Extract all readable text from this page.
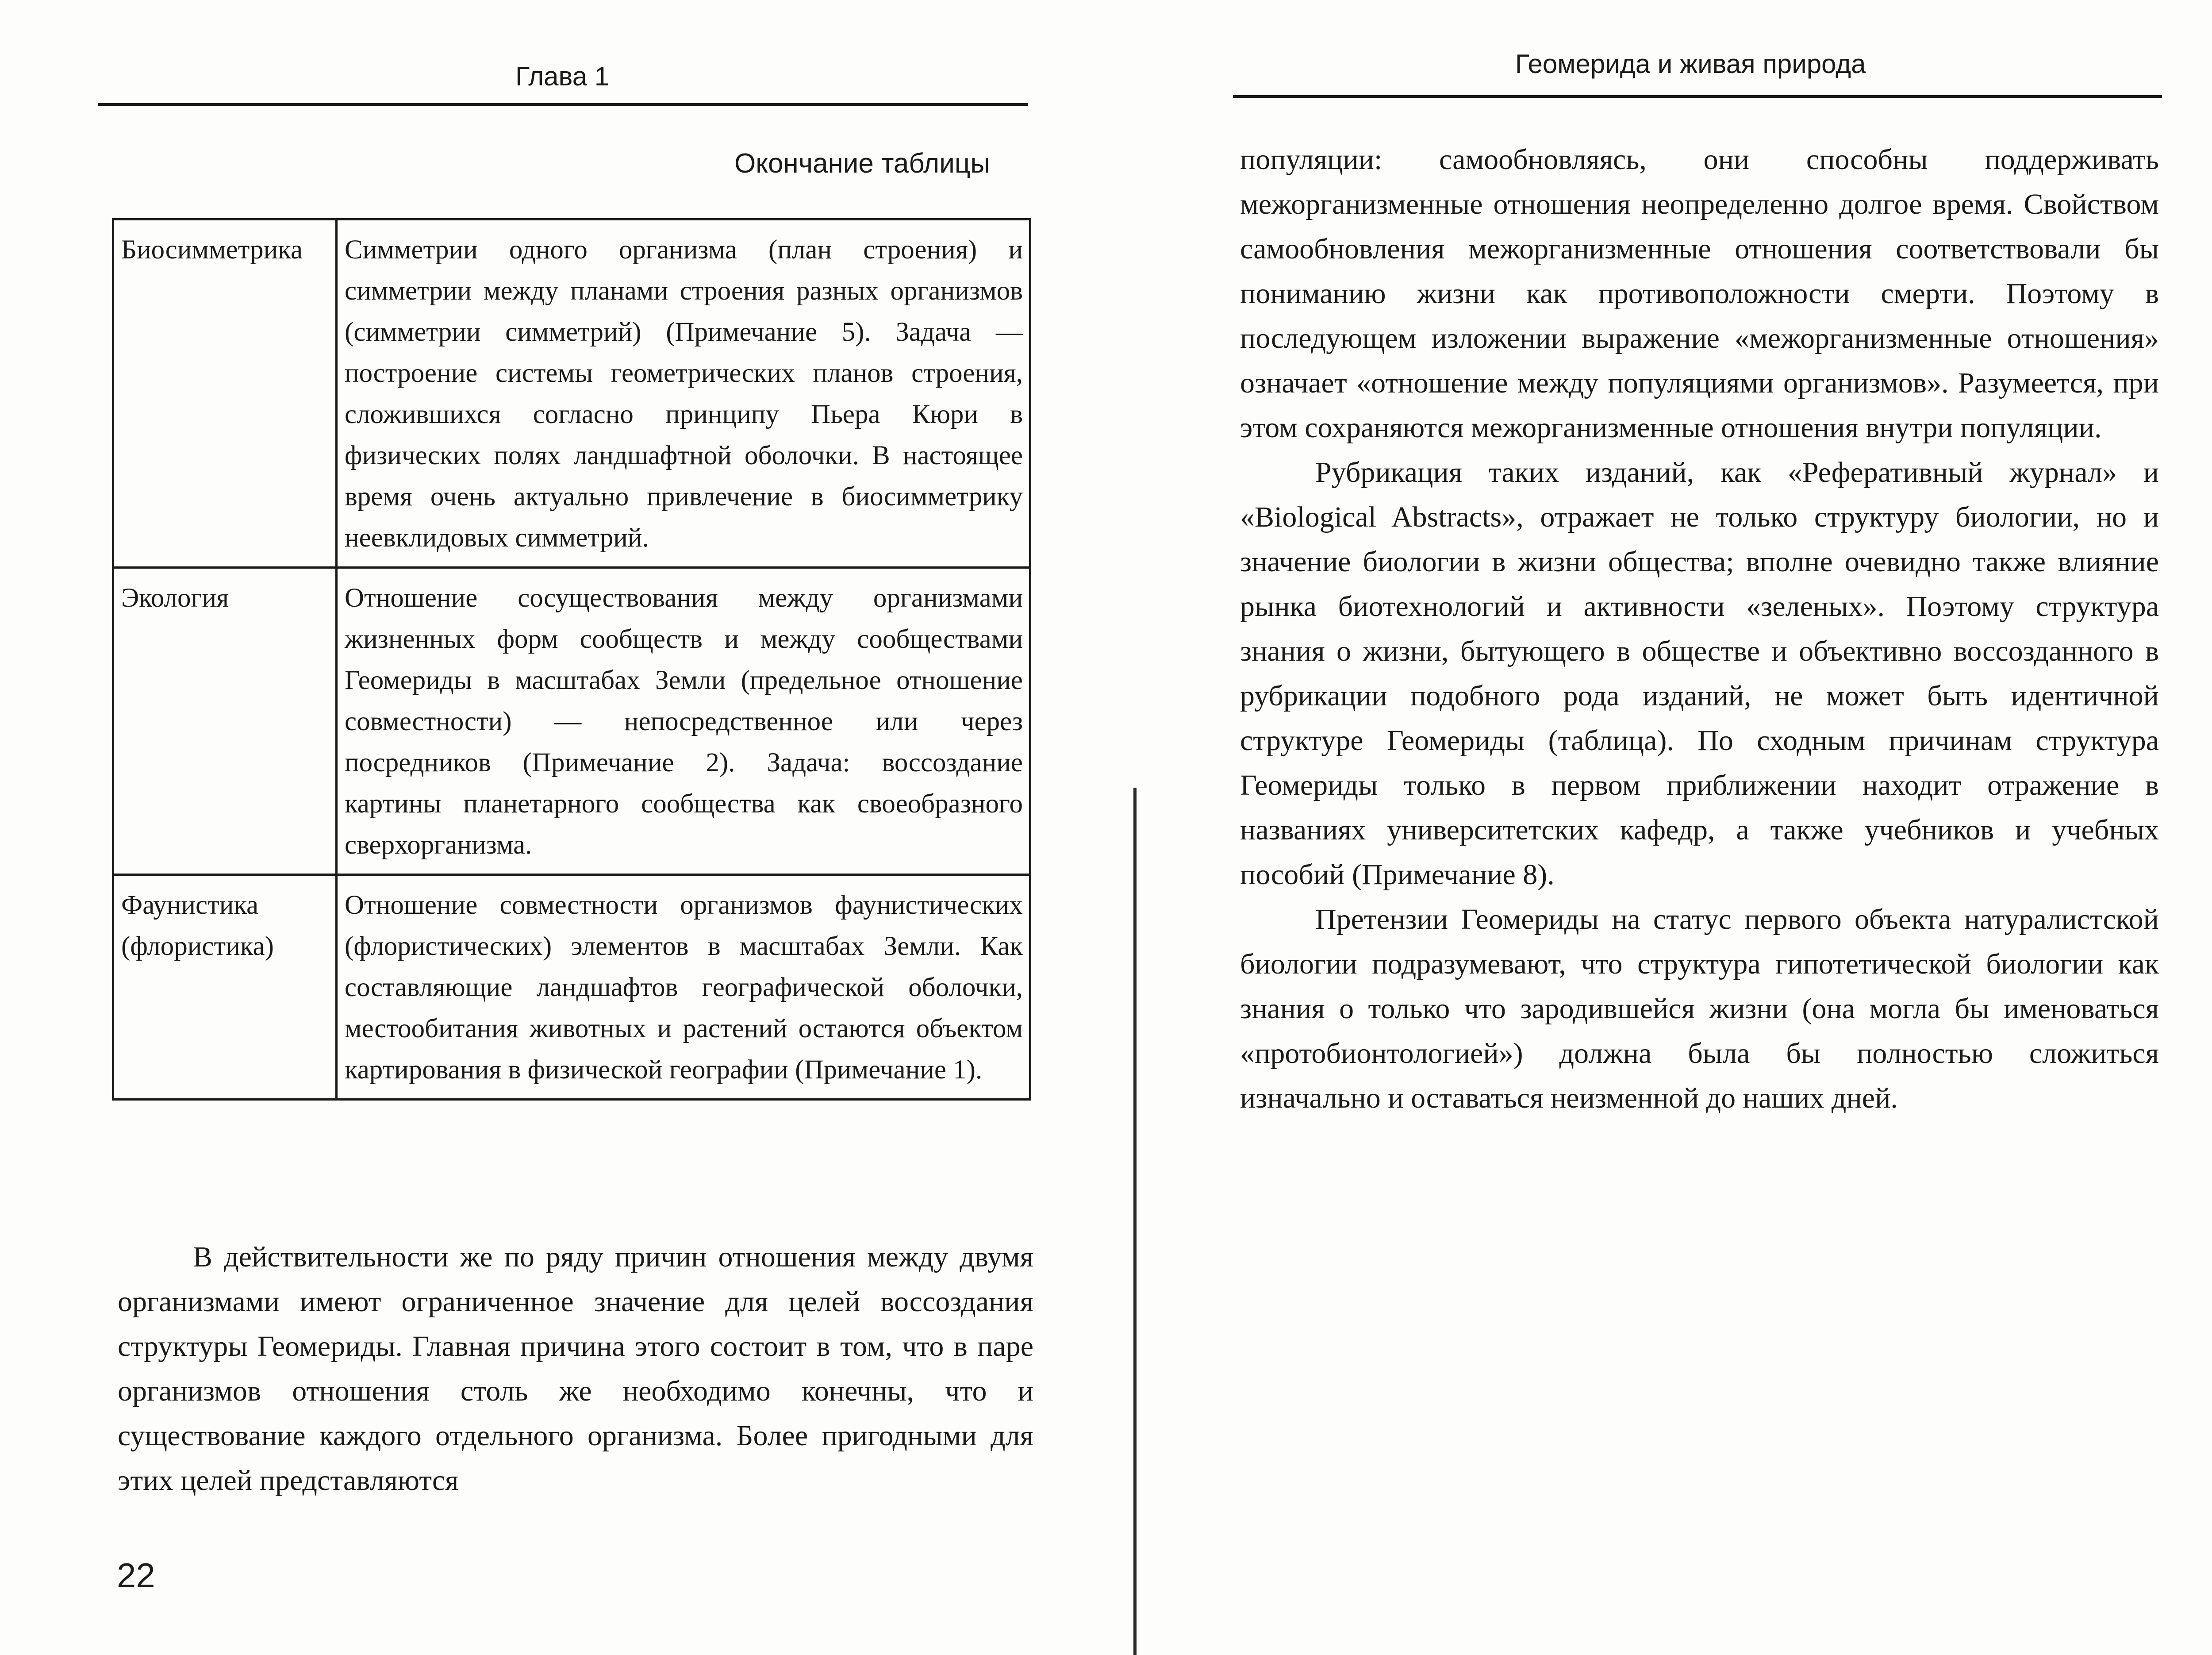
Глава 1
Окончание таблицы
Биосимметрика	Симметрии одного организма (план строения) и симметрии между планами строения разных организмов (симметрии симметрий) (Примечание 5). Задача — построение системы геометрических планов строения, сложившихся согласно принципу Пьера Кюри в физических полях ландшафтной оболочки. В настоящее время очень актуально привлечение в биосимметрику неевклидовых симметрий.
Экология	Отношение сосуществования между организмами жизненных форм сообществ и между сообществами Геомериды в масштабах Земли (предельное отношение совместности) — непосредственное или через посредников (Примечание 2). Задача: воссоздание картины планетарного сообщества как своеобразного сверхорганизма.
Фаунистика (флористика)	Отношение совместности организмов фаунистических (флористических) элементов в масштабах Земли. Как составляющие ландшафтов географической оболочки, местообитания животных и растений остаются объектом картирования в физической географии (Примечание 1).

В действительности же по ряду причин отношения между двумя организмами имеют ограниченное значение для целей воссоздания структуры Геомериды. Главная причина этого состоит в том, что в паре организмов отношения столь же необходимо конечны, что и существование каждого отдельного организма. Более пригодными для этих целей представляются

22
Геомерида и живая природа

популяции: самообновляясь, они способны поддерживать межорганизменные отношения неопределенно долгое время. Свойством самообновления межорганизменные отношения соответствовали бы пониманию жизни как противоположности смерти. Поэтому в последующем изложении выражение «межорганизменные отношения» означает «отношение между популяциями организмов». Разумеется, при этом сохраняются межорганизменные отношения внутри популяции.

Рубрикация таких изданий, как «Реферативный журнал» и «Biological Abstracts», отражает не только структуру биологии, но и значение биологии в жизни общества; вполне очевидно также влияние рынка биотехнологий и активности «зеленых». Поэтому структура знания о жизни, бытующего в обществе и объективно воссозданного в рубрикации подобного рода изданий, не может быть идентичной структуре Геомериды (таблица). По сходным причинам структура Геомериды только в первом приближении находит отражение в названиях университетских кафедр, а также учебников и учебных пособий (Примечание 8).

Претензии Геомериды на статус первого объекта натуралистской биологии подразумевают, что структура гипотетической биологии как знания о только что зародившейся жизни (она могла бы именоваться «протобионтологией») должна была бы полностью сложиться изначально и оставаться неизменной до наших дней.
